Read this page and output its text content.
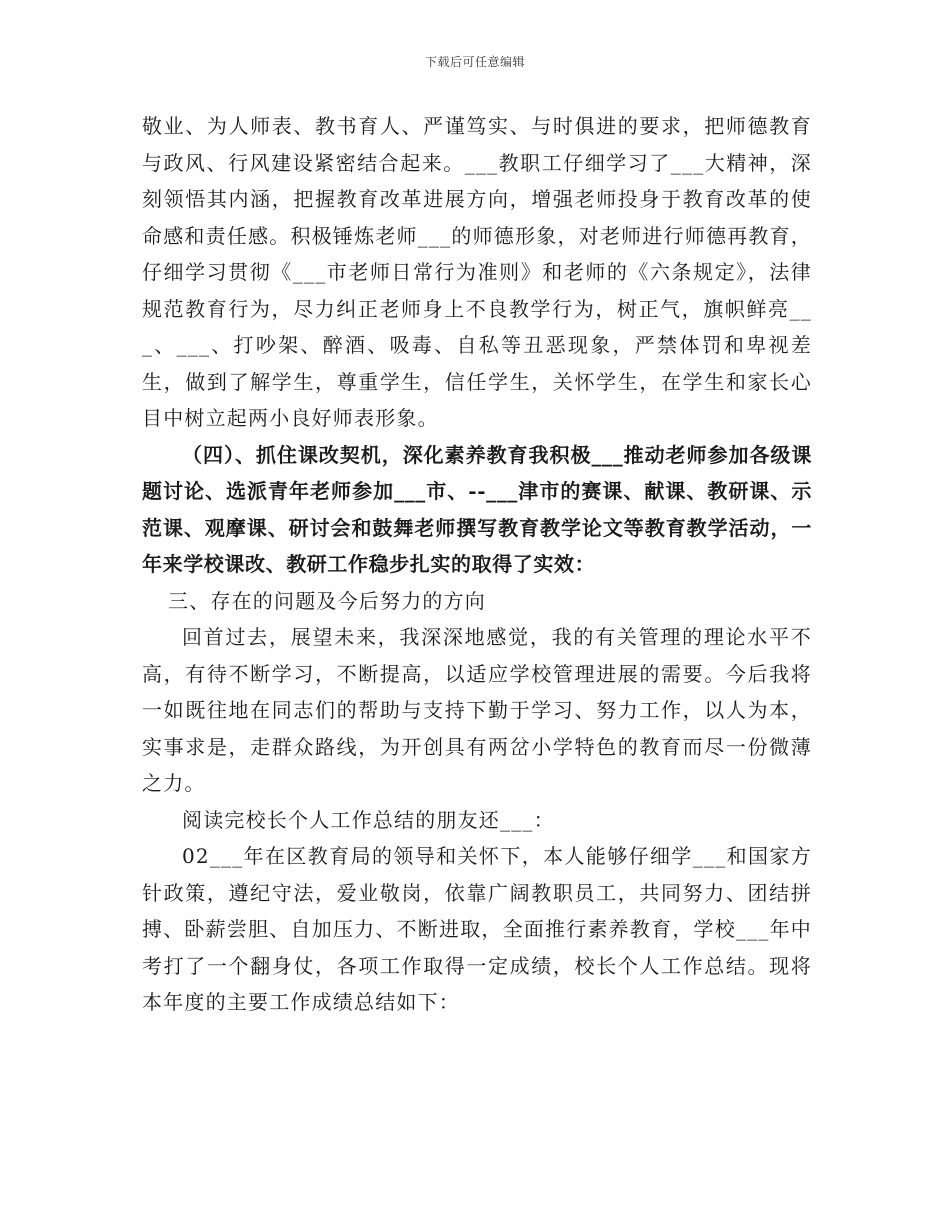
下载后可任意编辑

敬业、为人师表、教书育人、严谨笃实、与时俱进的要求，把师德教育与政风、行风建设紧密结合起来。___教职工仔细学习了___大精神，深刻领悟其内涵，把握教育改革进展方向，增强老师投身于教育改革的使命感和责任感。积极锤炼老师___的师德形象，对老师进行师德再教育，仔细学习贯彻《___市老师日常行为准则》和老师的《六条规定》，法律规范教育行为，尽力纠正老师身上不良教学行为，树正气，旗帜鲜亮___、___、打吵架、醉酒、吸毒、自私等丑恶现象，严禁体罚和卑视差生，做到了解学生，尊重学生，信任学生，关怀学生，在学生和家长心目中树立起两小良好师表形象。

（四）、抓住课改契机，深化素养教育我积极___推动老师参加各级课题讨论、选派青年老师参加___市、--___津市的赛课、献课、教研课、示范课、观摩课、研讨会和鼓舞老师撰写教育教学论文等教育教学活动，一年来学校课改、教研工作稳步扎实的取得了实效：

三、存在的问题及今后努力的方向

回首过去，展望未来，我深深地感觉，我的有关管理的理论水平不高，有待不断学习，不断提高，以适应学校管理进展的需要。今后我将一如既往地在同志们的帮助与支持下勤于学习、努力工作，以人为本，实事求是，走群众路线，为开创具有两岔小学特色的教育而尽一份微薄之力。

阅读完校长个人工作总结的朋友还___：

02___年在区教育局的领导和关怀下，本人能够仔细学___和国家方针政策，遵纪守法，爱业敬岗，依靠广阔教职员工，共同努力、团结拼搏、卧薪尝胆、自加压力、不断进取，全面推行素养教育，学校___年中考打了一个翻身仗，各项工作取得一定成绩，校长个人工作总结。现将本年度的主要工作成绩总结如下：
